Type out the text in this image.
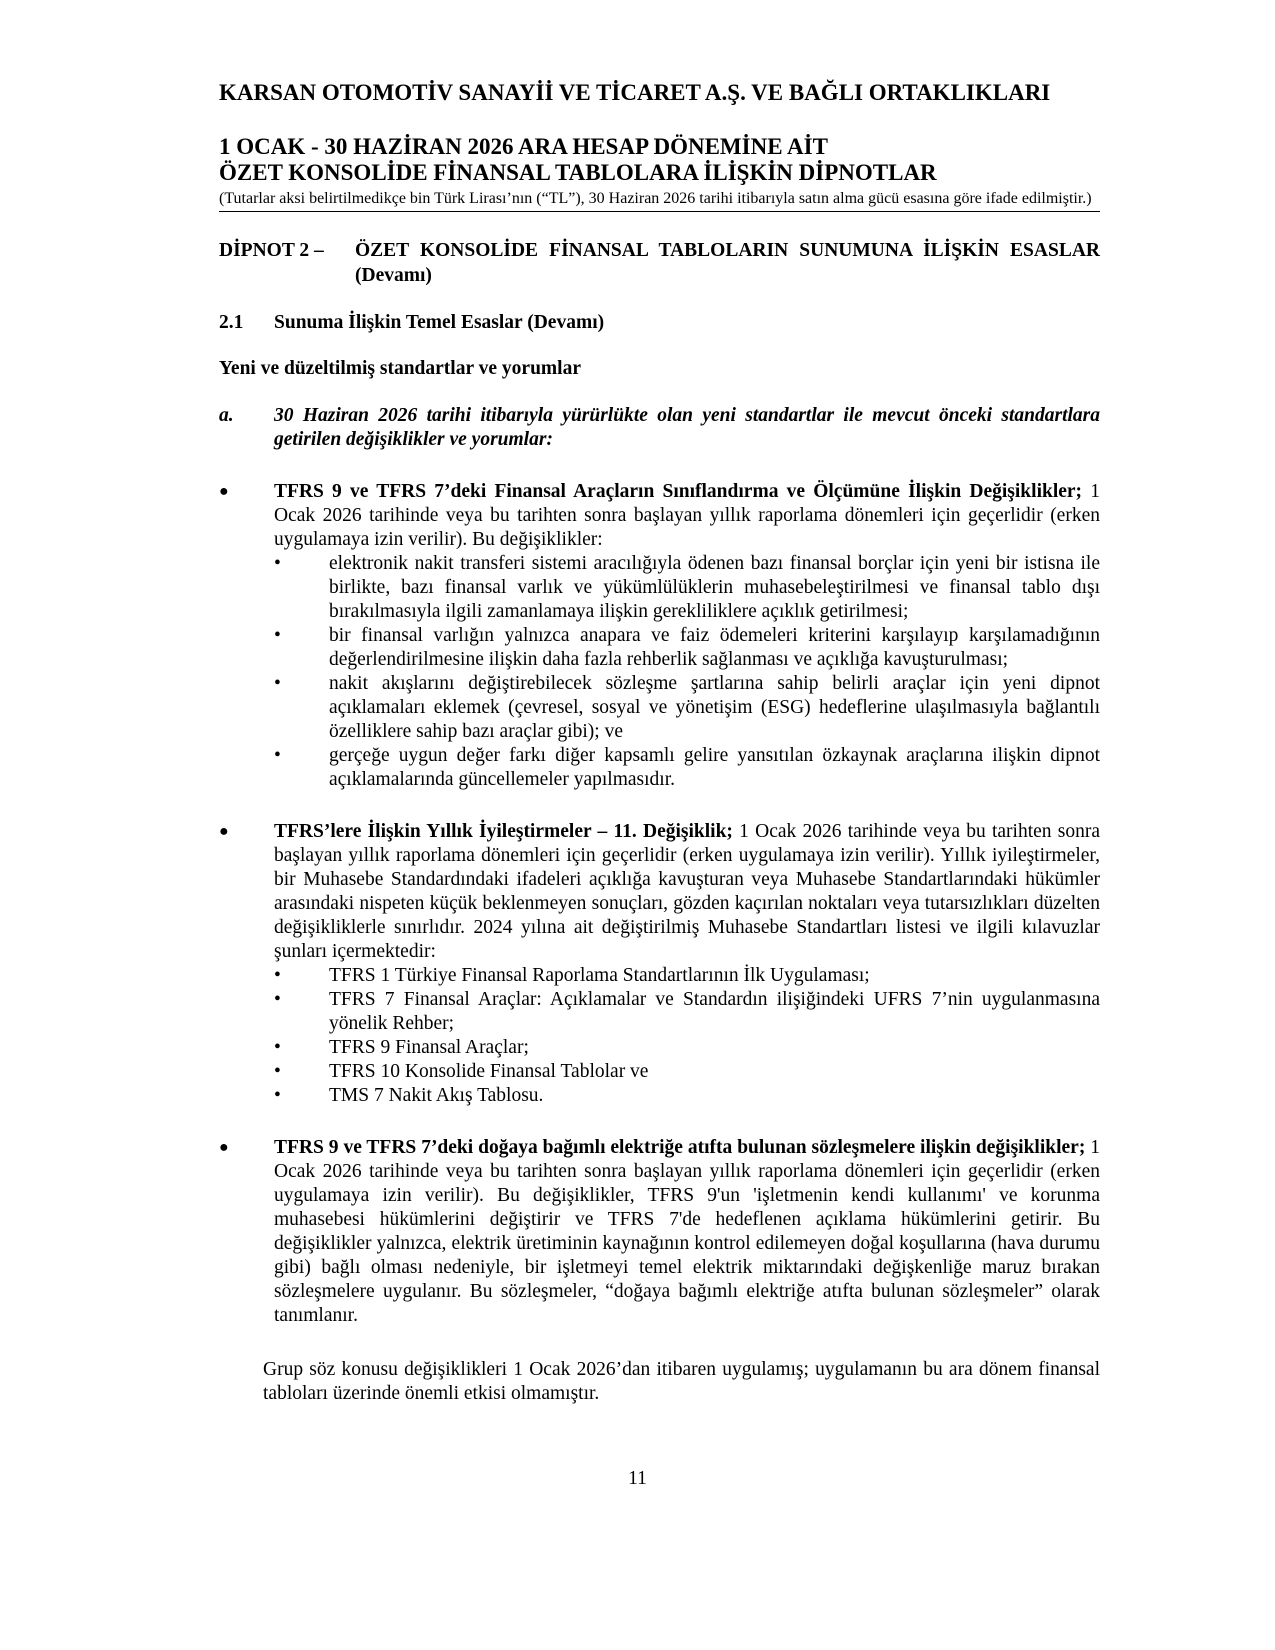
KARSAN OTOMOTİV SANAYİİ VE TİCARET A.Ş. VE BAĞLI ORTAKLIKLARI
1 OCAK - 30 HAZİRAN 2026 ARA HESAP DÖNEMİNE AİT
ÖZET KONSOLİDE FİNANSAL TABLOLARA İLİŞKİN DİPNOTLAR
(Tutarlar aksi belirtilmedikçe bin Türk Lirası’nın (“TL”), 30 Haziran 2026 tarihi itibarıyla satın alma gücü esasına göre ifade edilmiştir.)
DİPNOT 2 –	ÖZET KONSOLİDE FİNANSAL TABLOLARIN SUNUMUNA İLİŞKİN ESASLAR (Devamı)
2.1	Sunuma İlişkin Temel Esaslar (Devamı)
Yeni ve düzeltilmiş standartlar ve yorumlar
a.	30 Haziran 2026 tarihi itibarıyla yürürlükte olan yeni standartlar ile mevcut önceki standartlara getirilen değişiklikler ve yorumlar:
●	TFRS 9 ve TFRS 7’deki Finansal Araçların Sınıflandırma ve Ölçümüne İlişkin Değişiklikler; 1 Ocak 2026 tarihinde veya bu tarihten sonra başlayan yıllık raporlama dönemleri için geçerlidir (erken uygulamaya izin verilir). Bu değişiklikler:

•	elektronik nakit transferi sistemi aracılığıyla ödenen bazı finansal borçlar için yeni bir istisna ile birlikte, bazı finansal varlık ve yükümlülüklerin muhasebeleştirilmesi ve finansal tablo dışı bırakılmasıyla ilgili zamanlamaya ilişkin gerekliliklere açıklık getirilmesi;
•	bir finansal varlığın yalnızca anapara ve faiz ödemeleri kriterini karşılayıp karşılamadığının değerlendirilmesine ilişkin daha fazla rehberlik sağlanması ve açıklığa kavuşturulması;
•	nakit akışlarını değiştirebilecek sözleşme şartlarına sahip belirli araçlar için yeni dipnot açıklamaları eklemek (çevresel, sosyal ve yönetişim (ESG) hedeflerine ulaşılmasıyla bağlantılı özelliklere sahip bazı araçlar gibi); ve
•	gerçeğe uygun değer farkı diğer kapsamlı gelire yansıtılan özkaynak araçlarına ilişkin dipnot açıklamalarında güncellemeler yapılmasıdır.
●	TFRS’lere İlişkin Yıllık İyileştirmeler – 11. Değişiklik; 1 Ocak 2026 tarihinde veya bu tarihten sonra başlayan yıllık raporlama dönemleri için geçerlidir (erken uygulamaya izin verilir). Yıllık iyileştirmeler, bir Muhasebe Standardındaki ifadeleri açıklığa kavuşturan veya Muhasebe Standartlarındaki hükümler arasındaki nispeten küçük beklenmeyen sonuçları, gözden kaçırılan noktaları veya tutarsızlıkları düzelten değişikliklerle sınırlıdır. 2024 yılına ait değiştirilmiş Muhasebe Standartları listesi ve ilgili kılavuzlar şunları içermektedir:

•	TFRS 1 Türkiye Finansal Raporlama Standartlarının İlk Uygulaması;
•	TFRS 7 Finansal Araçlar: Açıklamalar ve Standardın ilişiğindeki UFRS 7’nin uygulanmasına yönelik Rehber;
•	TFRS 9 Finansal Araçlar;
•	TFRS 10 Konsolide Finansal Tablolar ve
•	TMS 7 Nakit Akış Tablosu.
●	TFRS 9 ve TFRS 7’deki doğaya bağımlı elektriğe atıfta bulunan sözleşmelere ilişkin değişiklikler; 1 Ocak 2026 tarihinde veya bu tarihten sonra başlayan yıllık raporlama dönemleri için geçerlidir (erken uygulamaya izin verilir). Bu değişiklikler, TFRS 9'un 'işletmenin kendi kullanımı' ve korunma muhasebesi hükümlerini değiştirir ve TFRS 7'de hedeflenen açıklama hükümlerini getirir. Bu değişiklikler yalnızca, elektrik üretiminin kaynağının kontrol edilemeyen doğal koşullarına (hava durumu gibi) bağlı olması nedeniyle, bir işletmeyi temel elektrik miktarındaki değişkenliğe maruz bırakan sözleşmelere uygulanır. Bu sözleşmeler, “doğaya bağımlı elektriğe atıfta bulunan sözleşmeler” olarak tanımlanır.

Grup söz konusu değişiklikleri 1 Ocak 2026’dan itibaren uygulamış; uygulamanın bu ara dönem finansal tabloları üzerinde önemli etkisi olmamıştır.

11
